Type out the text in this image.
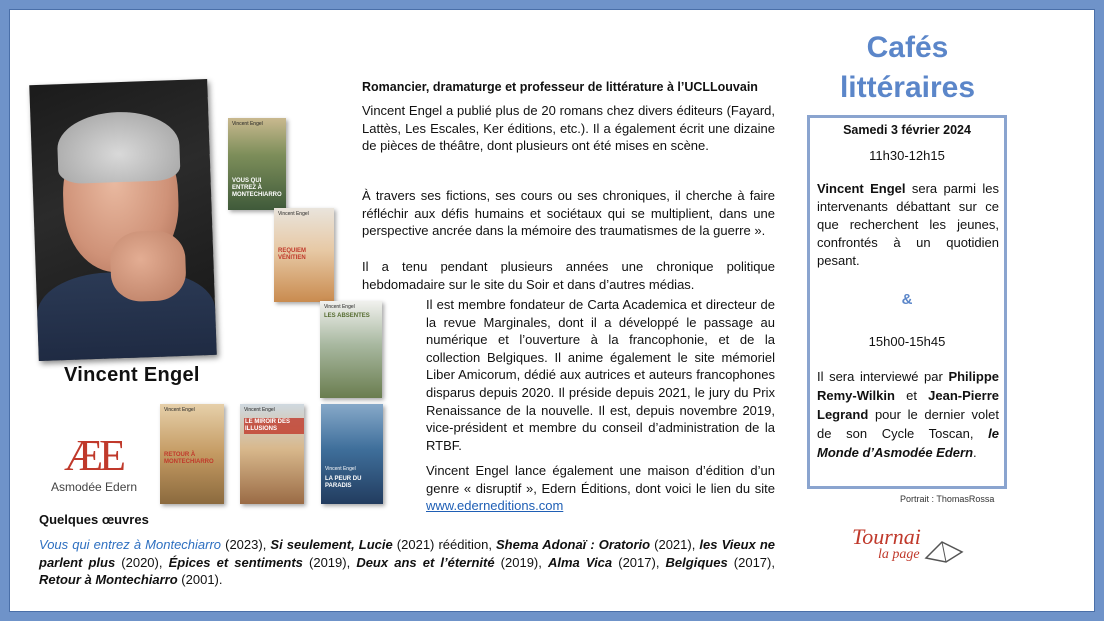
Vincent Engel
ÆE
Asmodée Edern
Vincent Engel
VOUS QUI ENTREZ À MONTECHIARRO
Vincent Engel
REQUIEM VÉNITIEN
Vincent Engel
LES ABSENTES
Vincent Engel
RETOUR À MONTECHIARRO
Vincent Engel
LE MIROIR DES ILLUSIONS
Vincent Engel
LA PEUR DU PARADIS
Romancier, dramaturge et professeur de littérature à l’UCLLouvain
Vincent Engel a publié plus de 20 romans chez divers éditeurs (Fayard, Lattès, Les Escales, Ker éditions, etc.). Il a également écrit une dizaine de pièces de théâtre, dont plusieurs ont été mises en scène.
À travers ses fictions, ses cours ou ses chroniques, il cherche à faire réfléchir aux défis humains et sociétaux qui se multiplient, dans une perspective ancrée dans la mémoire des traumatismes de la guerre ».
Il a tenu pendant plusieurs années une chronique politique hebdomadaire sur le site du Soir et dans d’autres médias.
Il est membre fondateur de Carta Academica et directeur de la revue Marginales, dont il a développé le passage au numérique et l’ouverture à la francophonie, et de la collection Belgiques. Il anime également le site mémoriel Liber Amicorum, dédié aux autrices et auteurs francophones disparus depuis 2020. Il préside depuis 2021, le jury du Prix Renaissance de la nouvelle. Il est, depuis novembre 2019, vice-président et membre du conseil d’administration de la RTBF.
Vincent Engel lance également une maison d’édition d’un genre « disruptif », Edern Éditions, dont voici le lien du site www.ederneditions.com
Quelques œuvres
Vous qui entrez à Montechiarro (2023), Si seulement, Lucie (2021) réédition, Shema Adonaï : Oratorio (2021), les Vieux ne parlent plus (2020), Épices et sentiments (2019), Deux ans et l’éternité (2019), Alma Vica (2017), Belgiques (2017), Retour à Montechiarro (2001).
Cafés
littéraires
Samedi 3 février 2024
11h30-12h15
Vincent Engel sera parmi les intervenants débattant sur ce que recherchent les jeunes, confrontés à un quotidien pesant.
&
15h00-15h45
Il sera interviewé par Philippe Remy-Wilkin et Jean-Pierre Legrand pour le dernier volet de son Cycle Toscan, le Monde d’Asmodée Edern.
Portrait : ThomasRossa
Tournai
la page
